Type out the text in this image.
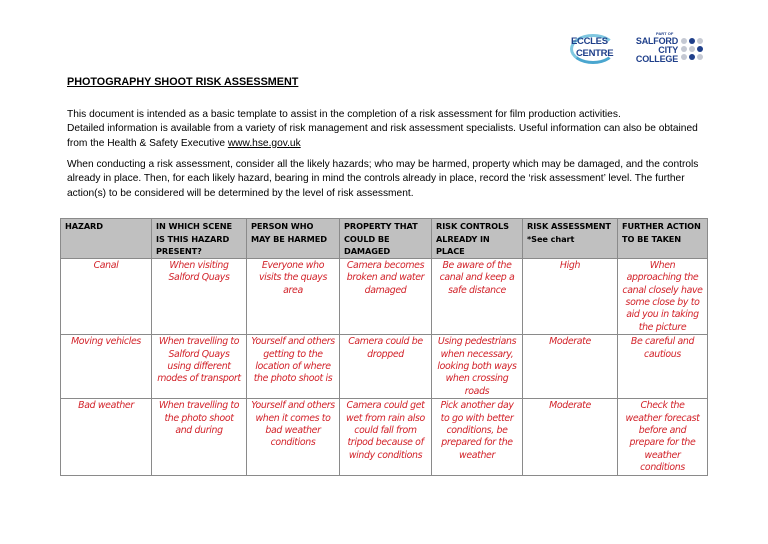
ECCLES
CENTRE
PART OF
SALFORD
CITY
COLLEGE
PHOTOGRAPHY SHOOT RISK ASSESSMENT
This document is intended as a basic template to assist in the completion of a risk assessment for film production activities.
Detailed information is available from a variety of risk management and risk assessment specialists. Useful information can also be obtained
from the Health & Safety Executive www.hse.gov.uk
When conducting a risk assessment, consider all the likely hazards; who may be harmed, property which may be damaged, and the controls
already in place. Then, for each likely hazard, bearing in mind the controls already in place, record the ‘risk assessment’ level. The further
action(s) to be considered will be determined by the level of risk assessment.
HAZARD	IN WHICH SCENE IS THIS HAZARD PRESENT?	PERSON WHO MAY BE HARMED	PROPERTY THAT COULD BE DAMAGED	RISK CONTROLS ALREADY IN PLACE	RISK ASSESSMENT *See chart	FURTHER ACTION TO BE TAKEN
Canal	When visiting Salford Quays	Everyone who visits the quays area	Camera becomes broken and water damaged	Be aware of the canal and keep a safe distance	High	When approaching the canal closely have some close by to aid you in taking the picture
Moving vehicles	When travelling to Salford Quays using different modes of transport	Yourself and others getting to the location of where the photo shoot is	Camera could be dropped	Using pedestrians when necessary, looking both ways when crossing roads	Moderate	Be careful and cautious
Bad weather	When travelling to the photo shoot and during	Yourself and others when it comes to bad weather conditions	Camera could get wet from rain also could fall from tripod because of windy conditions	Pick another day to go with better conditions, be prepared for the weather	Moderate	Check the weather forecast before and prepare for the weather conditions
